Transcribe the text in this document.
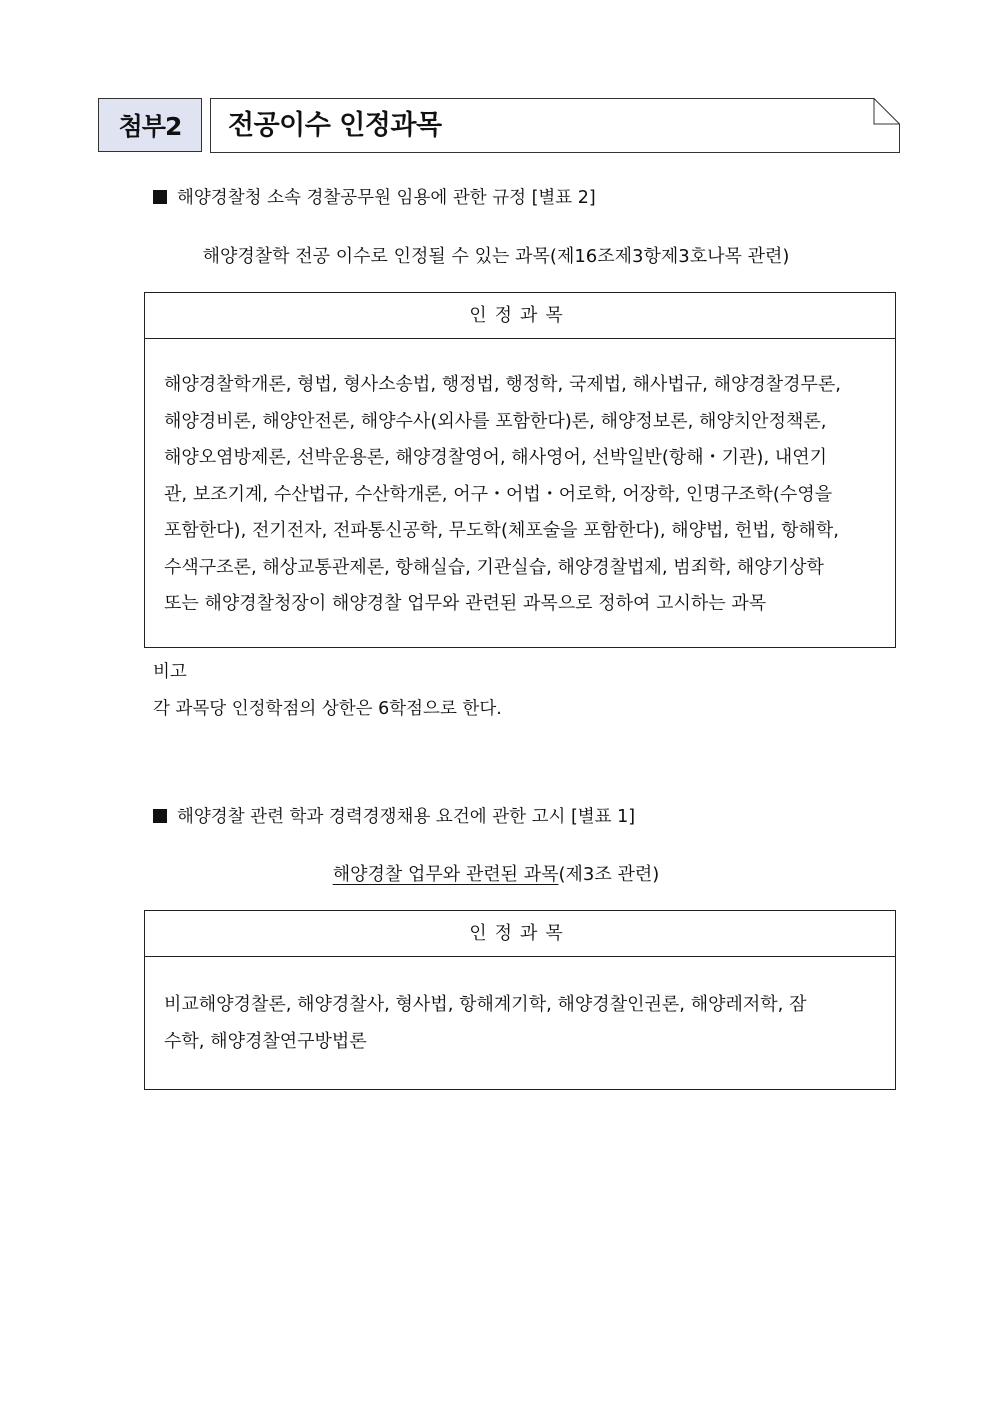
첨부2 전공이수 인정과목
해양경찰청 소속 경찰공무원 임용에 관한 규정 [별표 2]
해양경찰학 전공 이수로 인정될 수 있는 과목(제16조제3항제3호나목 관련)
인정과목
해양경찰학개론, 형법, 형사소송법, 행정법, 행정학, 국제법, 해사법규, 해양경찰경무론,
해양경비론, 해양안전론, 해양수사(외사를 포함한다)론, 해양정보론, 해양치안정책론,
해양오염방제론, 선박운용론, 해양경찰영어, 해사영어, 선박일반(항해・기관), 내연기
관, 보조기계, 수산법규, 수산학개론, 어구・어법・어로학, 어장학, 인명구조학(수영을
포함한다), 전기전자, 전파통신공학, 무도학(체포술을 포함한다), 해양법, 헌법, 항해학,
수색구조론, 해상교통관제론, 항해실습, 기관실습, 해양경찰법제, 범죄학, 해양기상학
또는 해양경찰청장이 해양경찰 업무와 관련된 과목으로 정하여 고시하는 과목
비고
각 과목당 인정학점의 상한은 6학점으로 한다.
해양경찰 관련 학과 경력경쟁채용 요건에 관한 고시 [별표 1]
해양경찰 업무와 관련된 과목(제3조 관련)
인정과목
비교해양경찰론, 해양경찰사, 형사법, 항해계기학, 해양경찰인권론, 해양레저학, 잠
수학, 해양경찰연구방법론
